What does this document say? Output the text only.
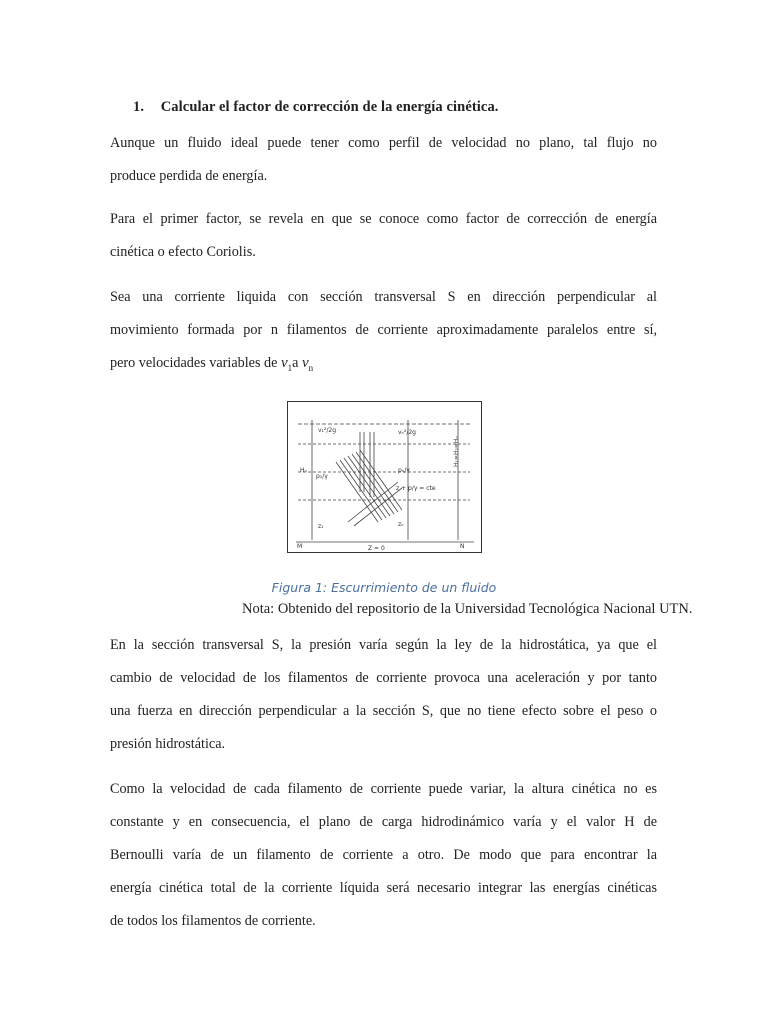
1. Calcular el factor de corrección de la energía cinética.
Aunque un fluido ideal puede tener como perfil de velocidad no plano, tal flujo no
produce perdida de energía.
Para el primer factor, se revela en que se conoce como factor de corrección de energía
cinética o efecto Coriolis.
Sea una corriente liquida con sección transversal S en dirección perpendicular al
movimiento formada por n filamentos de corriente aproximadamente paralelos entre sí,
pero velocidades variables de $v_1a$ $v_n$
M	N
Z = 0
Hₙ
H₁=H₂=Hₙ
z₁	zₙ
p₁/γ
pₙ/γ
v₁²/2g	vₙ²/2g
z + p/γ = cte
Figura 1: Escurrimiento de un fluido
Nota: Obtenido del repositorio de la Universidad Tecnológica Nacional UTN.
En la sección transversal S, la presión varía según la ley de la hidrostática, ya que el
cambio de velocidad de los filamentos de corriente provoca una aceleración y por tanto
una fuerza en dirección perpendicular a la sección S, que no tiene efecto sobre el peso o
presión hidrostática.
Como la velocidad de cada filamento de corriente puede variar, la altura cinética no es
constante y en consecuencia, el plano de carga hidrodinámico varía y el valor H de
Bernoulli varía de un filamento de corriente a otro. De modo que para encontrar la
energía cinética total de la corriente líquida será necesario integrar las energías cinéticas
de todos los filamentos de corriente.
